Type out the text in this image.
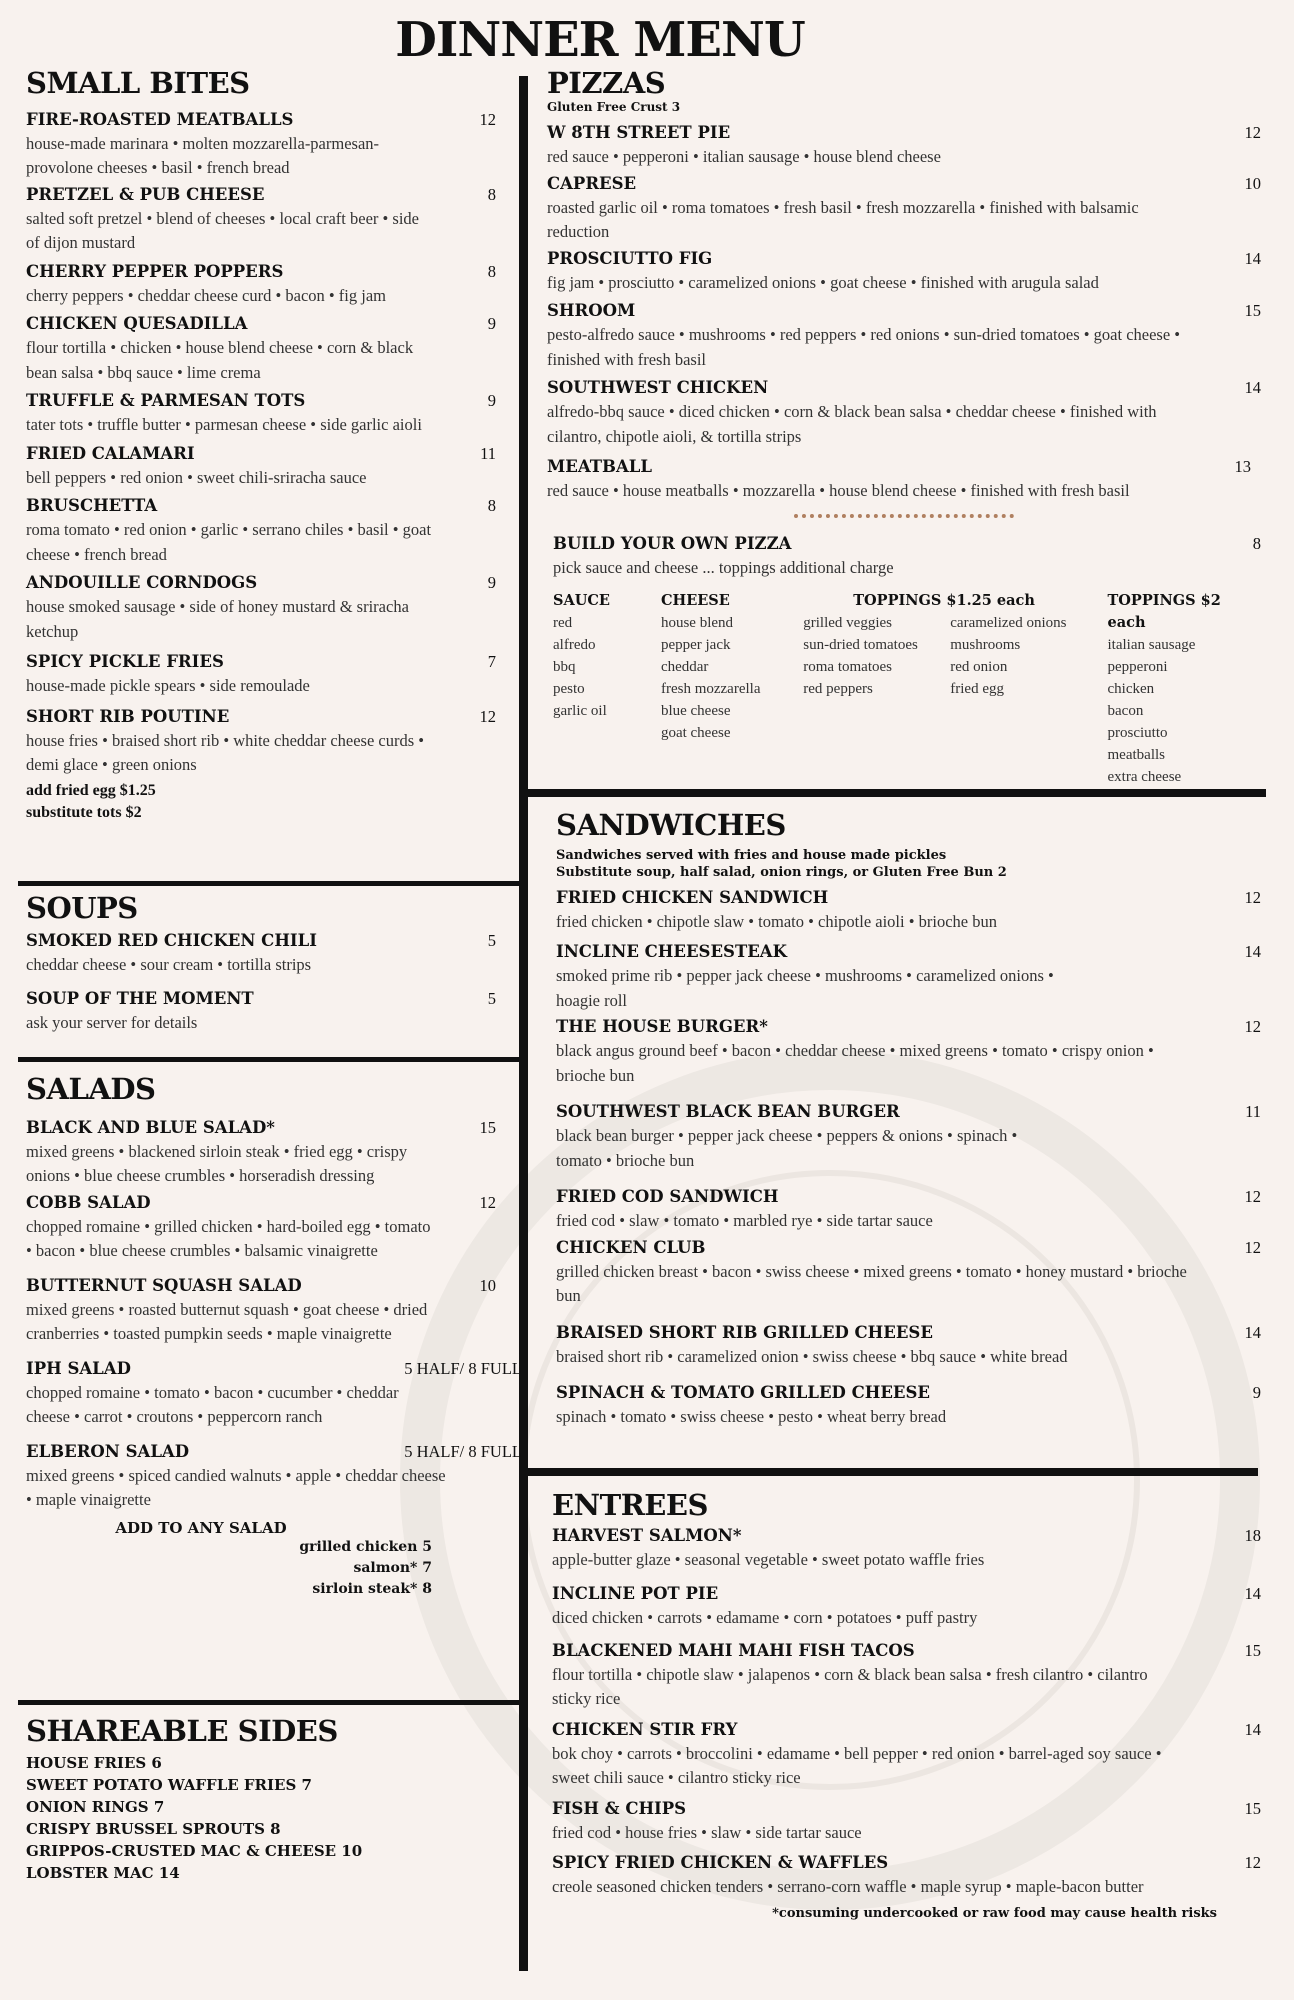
DINNER MENU
SMALL BITES
FIRE-ROASTED MEATBALLS	12
house-made marinara • molten mozzarella-parmesan-provolone cheeses • basil • french bread
PRETZEL & PUB CHEESE	8
salted soft pretzel • blend of cheeses • local craft beer • side of dijon mustard
CHERRY PEPPER POPPERS	8
cherry peppers • cheddar cheese curd • bacon • fig jam
CHICKEN QUESADILLA	9
flour tortilla • chicken • house blend cheese • corn & black bean salsa • bbq sauce • lime crema
TRUFFLE & PARMESAN TOTS	9
tater tots • truffle butter • parmesan cheese • side garlic aioli
FRIED CALAMARI	11
bell peppers • red onion • sweet chili-sriracha sauce
BRUSCHETTA	8
roma tomato • red onion • garlic • serrano chiles • basil • goat cheese • french bread
ANDOUILLE CORNDOGS	9
house smoked sausage • side of honey mustard & sriracha ketchup
SPICY PICKLE FRIES	7
house-made pickle spears • side remoulade
SHORT RIB POUTINE	12
house fries • braised short rib • white cheddar cheese curds • demi glace • green onions
add fried egg $1.25
substitute tots $2
SOUPS
SMOKED RED CHICKEN CHILI	5
cheddar cheese • sour cream • tortilla strips
SOUP OF THE MOMENT	5
ask your server for details
SALADS
BLACK AND BLUE SALAD*	15
mixed greens • blackened sirloin steak • fried egg • crispy onions • blue cheese crumbles • horseradish dressing
COBB SALAD	12
chopped romaine • grilled chicken • hard-boiled egg • tomato • bacon • blue cheese crumbles • balsamic vinaigrette
BUTTERNUT SQUASH SALAD	10
mixed greens • roasted butternut squash • goat cheese • dried cranberries • toasted pumpkin seeds • maple vinaigrette
IPH SALAD	5 HALF/ 8 FULL
chopped romaine • tomato • bacon • cucumber • cheddar cheese • carrot • croutons • peppercorn ranch
ELBERON SALAD	5 HALF/ 8 FULL
mixed greens • spiced candied walnuts • apple • cheddar cheese • maple vinaigrette
ADD TO ANY SALAD
grilled chicken 5
salmon* 7
sirloin steak* 8
SHAREABLE SIDES
HOUSE FRIES 6
SWEET POTATO WAFFLE FRIES 7
ONION RINGS 7
CRISPY BRUSSEL SPROUTS 8
GRIPPOS-CRUSTED MAC & CHEESE 10
LOBSTER MAC 14
PIZZAS
Gluten Free Crust 3
W 8TH STREET PIE	12
red sauce • pepperoni • italian sausage • house blend cheese
CAPRESE	10
roasted garlic oil • roma tomatoes • fresh basil • fresh mozzarella • finished with balsamic reduction
PROSCIUTTO FIG	14
fig jam • prosciutto • caramelized onions • goat cheese • finished with arugula salad
SHROOM	15
pesto-alfredo sauce • mushrooms • red peppers • red onions • sun-dried tomatoes • goat cheese • finished with fresh basil
SOUTHWEST CHICKEN	14
alfredo-bbq sauce • diced chicken • corn & black bean salsa • cheddar cheese • finished with cilantro, chipotle aioli, & tortilla strips
MEATBALL	13
red sauce • house meatballs • mozzarella • house blend cheese • finished with fresh basil
BUILD YOUR OWN PIZZA	8
pick sauce and cheese ... toppings additional charge
SAUCE
red
alfredo
bbq
pesto
garlic oil
CHEESE
house blend
pepper jack
cheddar
fresh mozzarella
blue cheese
goat cheese
TOPPINGS $1.25 each
grilled veggies
sun-dried tomatoes
roma tomatoes
red peppers
caramelized onions
mushrooms
red onion
fried egg
TOPPINGS $2 each
italian sausage
pepperoni
chicken
bacon
prosciutto
meatballs
extra cheese
SANDWICHES
Sandwiches served with fries and house made pickles
Substitute soup, half salad, onion rings, or Gluten Free Bun 2
FRIED CHICKEN SANDWICH	12
fried chicken • chipotle slaw • tomato • chipotle aioli • brioche bun
INCLINE CHEESESTEAK	14
smoked prime rib • pepper jack cheese • mushrooms • caramelized onions • hoagie roll
THE HOUSE BURGER*	12
black angus ground beef • bacon • cheddar cheese • mixed greens • tomato • crispy onion • brioche bun
SOUTHWEST BLACK BEAN BURGER	11
black bean burger • pepper jack cheese • peppers & onions • spinach • tomato • brioche bun
FRIED COD SANDWICH	12
fried cod • slaw • tomato • marbled rye • side tartar sauce
CHICKEN CLUB	12
grilled chicken breast • bacon • swiss cheese • mixed greens • tomato • honey mustard • brioche bun
BRAISED SHORT RIB GRILLED CHEESE	14
braised short rib • caramelized onion • swiss cheese • bbq sauce • white bread
SPINACH & TOMATO GRILLED CHEESE	9
spinach • tomato • swiss cheese • pesto • wheat berry bread
ENTREES
HARVEST SALMON*	18
apple-butter glaze • seasonal vegetable • sweet potato waffle fries
INCLINE POT PIE	14
diced chicken • carrots • edamame • corn • potatoes • puff pastry
BLACKENED MAHI MAHI FISH TACOS	15
flour tortilla • chipotle slaw • jalapenos • corn & black bean salsa • fresh cilantro • cilantro sticky rice
CHICKEN STIR FRY	14
bok choy • carrots • broccolini • edamame • bell pepper • red onion • barrel-aged soy sauce • sweet chili sauce • cilantro sticky rice
FISH & CHIPS	15
fried cod • house fries • slaw • side tartar sauce
SPICY FRIED CHICKEN & WAFFLES	12
creole seasoned chicken tenders • serrano-corn waffle • maple syrup • maple-bacon butter
*consuming undercooked or raw food may cause health risks
